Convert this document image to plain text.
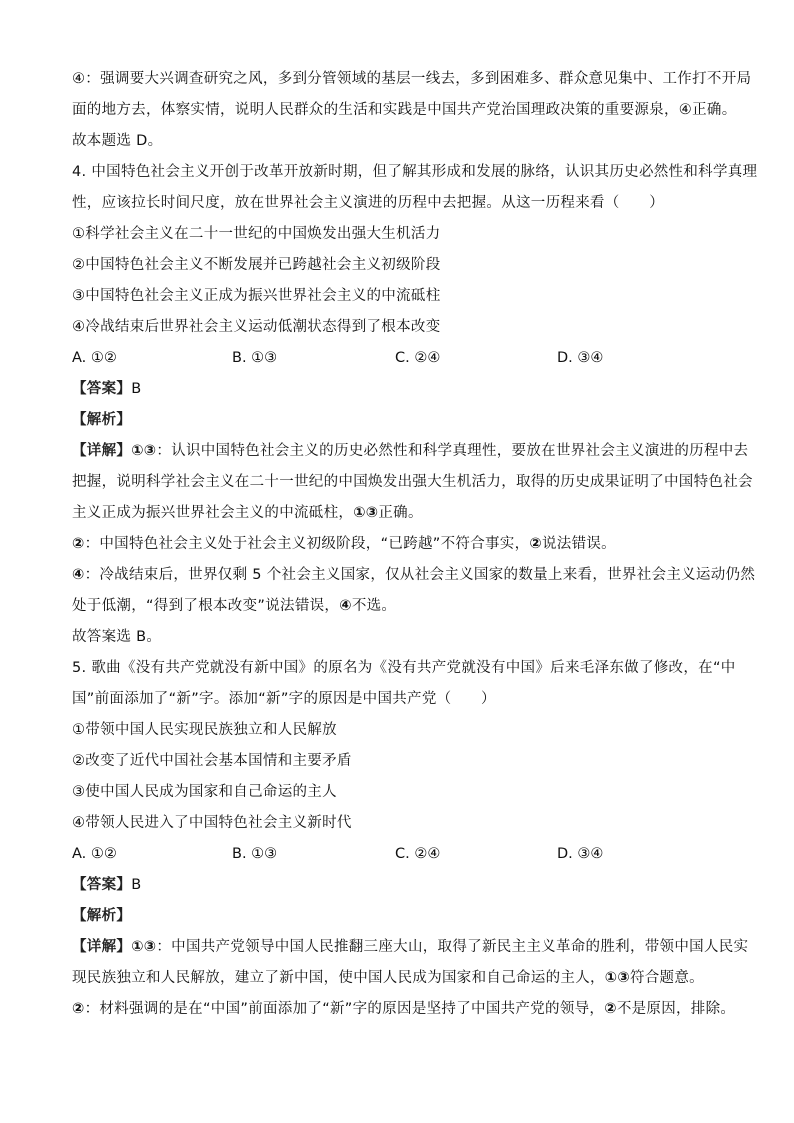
④：强调要大兴调查研究之风，多到分管领域的基层一线去，多到困难多、群众意见集中、工作打不开局
面的地方去，体察实情，说明人民群众的生活和实践是中国共产党治国理政决策的重要源泉，④正确。
故本题选 D。
4. 中国特色社会主义开创于改革开放新时期，但了解其形成和发展的脉络，认识其历史必然性和科学真理
性，应该拉长时间尺度，放在世界社会主义演进的历程中去把握。从这一历程来看（　　）
①科学社会主义在二十一世纪的中国焕发出强大生机活力
②中国特色社会主义不断发展并已跨越社会主义初级阶段
③中国特色社会主义正成为振兴世界社会主义的中流砥柱
④冷战结束后世界社会主义运动低潮状态得到了根本改变
A. ①②	B. ①③	C. ②④	D. ③④
【答案】B
【解析】
【详解】①③：认识中国特色社会主义的历史必然性和科学真理性，要放在世界社会主义演进的历程中去
把握，说明科学社会主义在二十一世纪的中国焕发出强大生机活力，取得的历史成果证明了中国特色社会
主义正成为振兴世界社会主义的中流砥柱，①③正确。
②：中国特色社会主义处于社会主义初级阶段，“已跨越”不符合事实，②说法错误。
④：冷战结束后，世界仅剩 5 个社会主义国家，仅从社会主义国家的数量上来看，世界社会主义运动仍然
处于低潮，“得到了根本改变”说法错误，④不选。
故答案选 B。
5. 歌曲《没有共产党就没有新中国》的原名为《没有共产党就没有中国》后来毛泽东做了修改，在“中
国”前面添加了“新”字。添加“新”字的原因是中国共产党（　　）
①带领中国人民实现民族独立和人民解放
②改变了近代中国社会基本国情和主要矛盾
③使中国人民成为国家和自己命运的主人
④带领人民进入了中国特色社会主义新时代
A. ①②	B. ①③	C. ②④	D. ③④
【答案】B
【解析】
【详解】①③：中国共产党领导中国人民推翻三座大山，取得了新民主主义革命的胜利，带领中国人民实
现民族独立和人民解放，建立了新中国，使中国人民成为国家和自己命运的主人，①③符合题意。
②：材料强调的是在“中国”前面添加了“新”字的原因是坚持了中国共产党的领导，②不是原因，排除。
